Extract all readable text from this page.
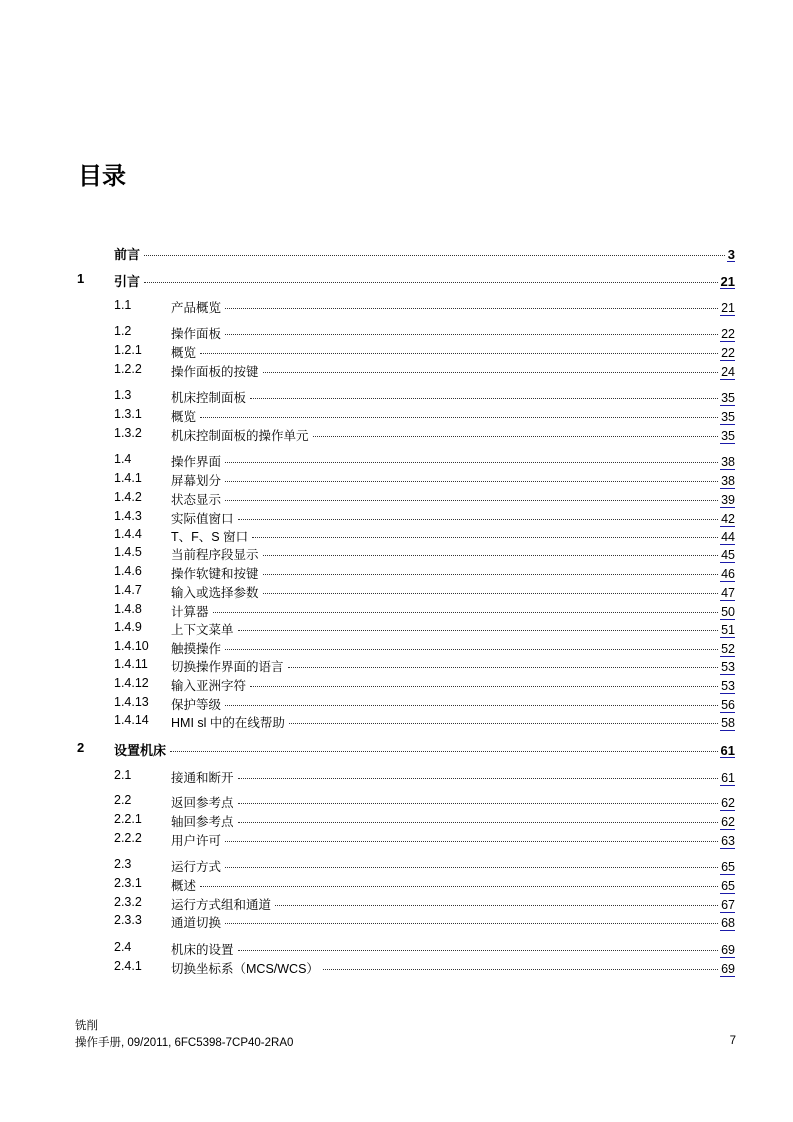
目录
前言	3
1 引言	21
1.1	产品概览	21
1.2	操作面板	22
1.2.1 概览	22
1.2.2 操作面板的按键	24
1.3	机床控制面板	35
1.3.1 概览	35
1.3.2 机床控制面板的操作单元	35
1.4	操作界面	38
1.4.1 屏幕划分	38
1.4.2 状态显示	39
1.4.3 实际值窗口	42
1.4.4 T、F、S 窗口	44
1.4.5 当前程序段显示	45
1.4.6 操作软键和按键	46
1.4.7 输入或选择参数	47
1.4.8 计算器	50
1.4.9 上下文菜单	51
1.4.10 触摸操作	52
1.4.11 切换操作界面的语言	53
1.4.12 输入亚洲字符	53
1.4.13 保护等级	56
1.4.14 HMI sl 中的在线帮助	58
2 设置机床	61
2.1	接通和断开	61
2.2	返回参考点	62
2.2.1 轴回参考点	62
2.2.2 用户许可	63
2.3	运行方式	65
2.3.1 概述	65
2.3.2 运行方式组和通道	67
2.3.3 通道切换	68
2.4	机床的设置	69
2.4.1 切换坐标系（MCS/WCS）	69
铣削
操作手册, 09/2011, 6FC5398-7CP40-2RA0	7
